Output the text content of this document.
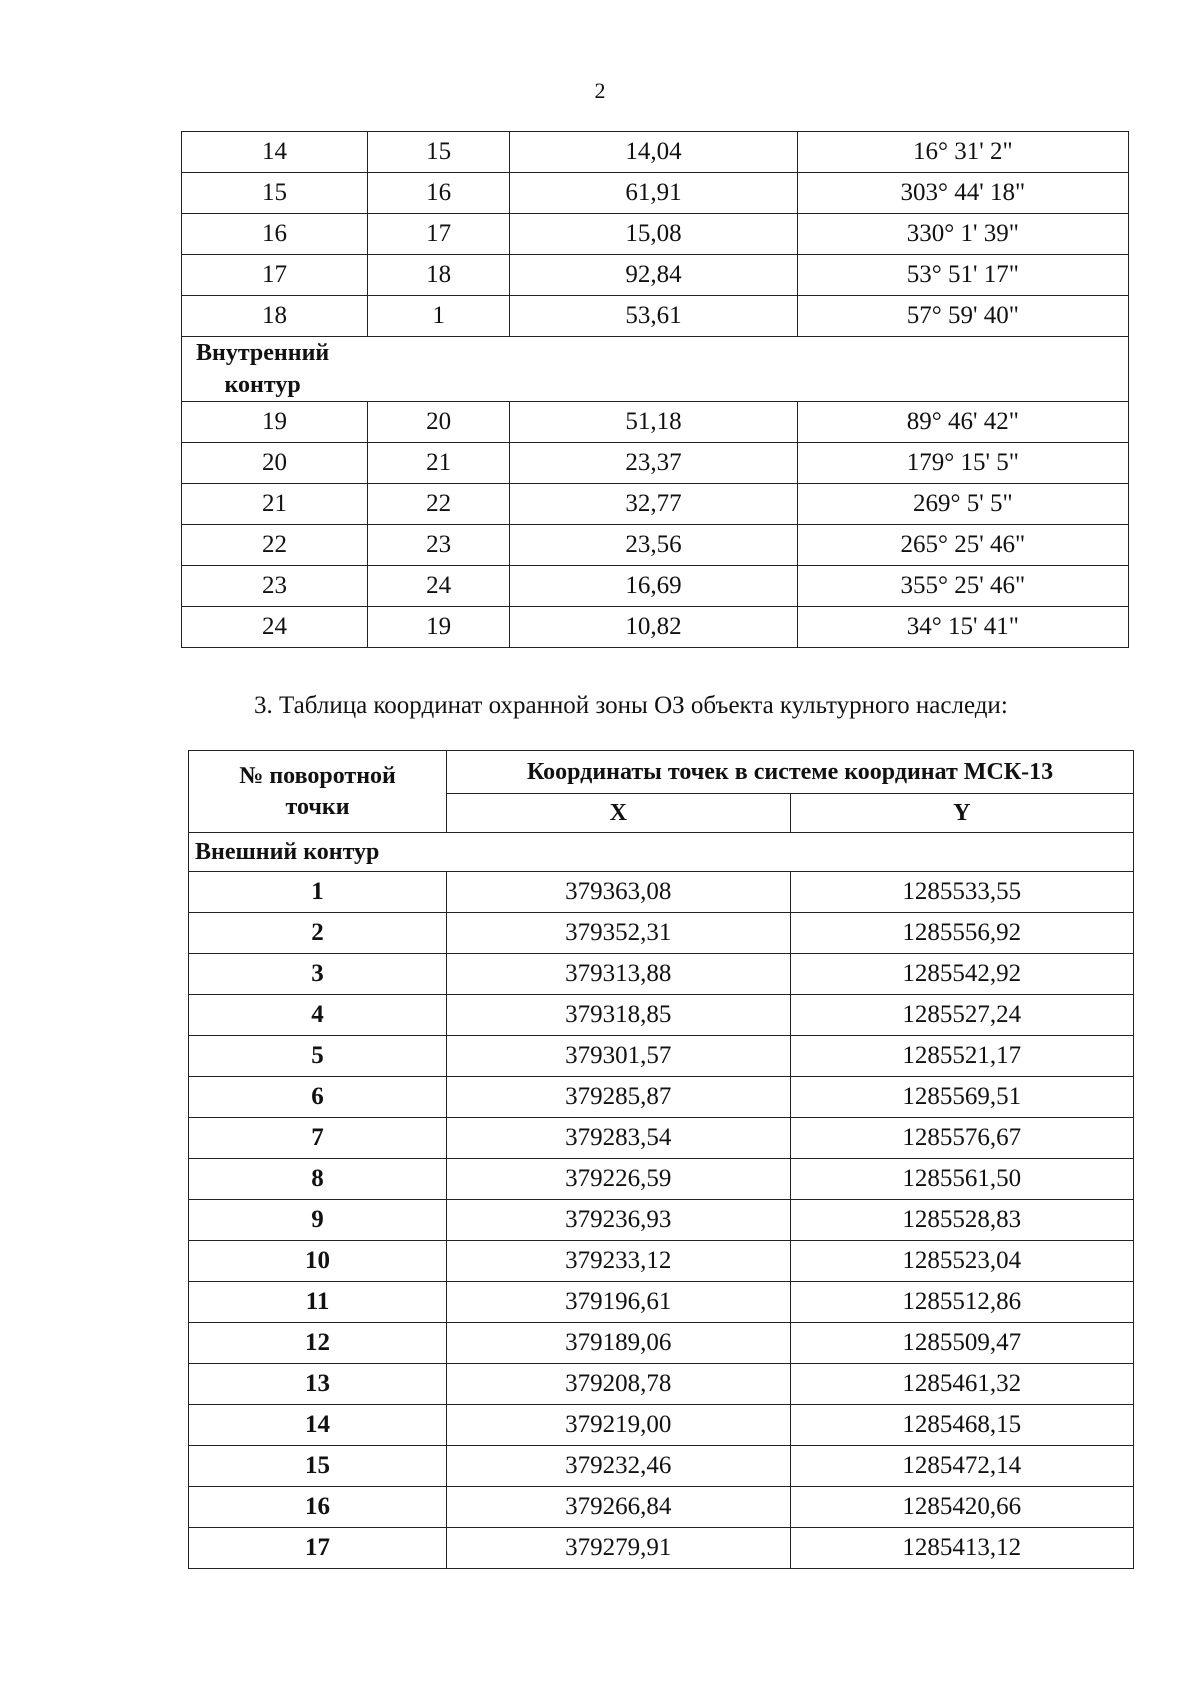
2
14	15	14,04	16° 31' 2"
15	16	61,91	303° 44' 18"
16	17	15,08	330° 1' 39"
17	18	92,84	53° 51' 17"
18	1	53,61	57° 59' 40"
Внутренний
контур			
19	20	51,18	89° 46' 42"
20	21	23,37	179° 15' 5"
21	22	32,77	269° 5' 5"
22	23	23,56	265° 25' 46"
23	24	16,69	355° 25' 46"
24	19	10,82	34° 15' 41"
3. Таблица координат охранной зоны ОЗ объекта культурного наследи:
№ поворотной
точки	Координаты точек в системе координат МСК-13	
	X	Y
Внешний контур		
1	379363,08	1285533,55
2	379352,31	1285556,92
3	379313,88	1285542,92
4	379318,85	1285527,24
5	379301,57	1285521,17
6	379285,87	1285569,51
7	379283,54	1285576,67
8	379226,59	1285561,50
9	379236,93	1285528,83
10	379233,12	1285523,04
11	379196,61	1285512,86
12	379189,06	1285509,47
13	379208,78	1285461,32
14	379219,00	1285468,15
15	379232,46	1285472,14
16	379266,84	1285420,66
17	379279,91	1285413,12
